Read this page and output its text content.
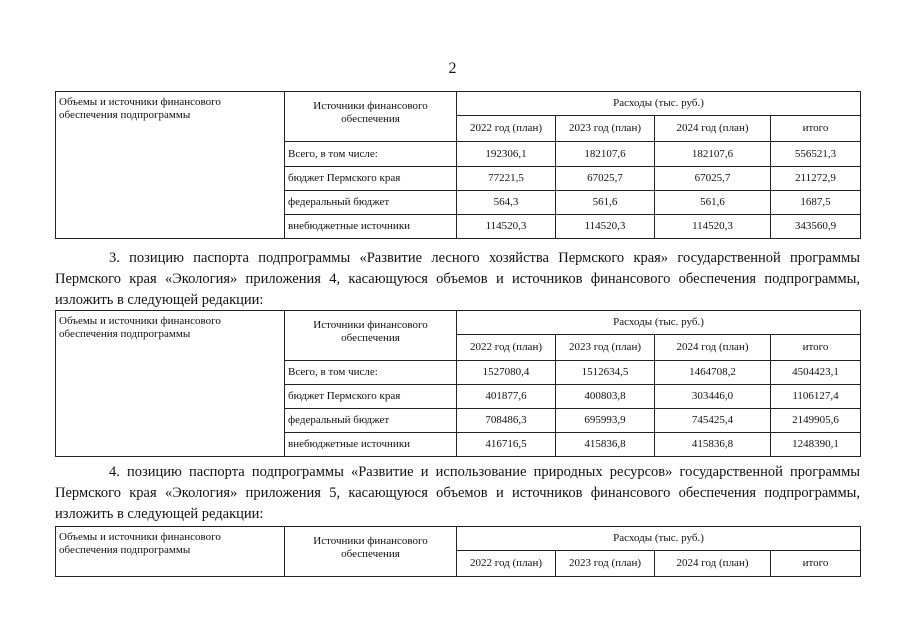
2
Объемы и источники финансового обеспечения подпрограммы	Источники финансового обеспечения	Расходы (тыс. руб.)			
		2022 год (план)	2023 год (план)	2024 год (план)	итого
	Всего, в том числе:	192306,1	182107,6	182107,6	556521,3
	бюджет Пермского края	77221,5	67025,7	67025,7	211272,9
	федеральный бюджет	564,3	561,6	561,6	1687,5
	внебюджетные источники	114520,3	114520,3	114520,3	343560,9
3. позицию паспорта подпрограммы «Развитие лесного хозяйства Пермского края» государственной программы Пермского края «Экология» приложения 4, касающуюся объемов и источников финансового обеспечения подпрограммы, изложить в следующей редакции:
Объемы и источники финансового обеспечения подпрограммы	Источники финансового обеспечения	Расходы (тыс. руб.)			
		2022 год (план)	2023 год (план)	2024 год (план)	итого
	Всего, в том числе:	1527080,4	1512634,5	1464708,2	4504423,1
	бюджет Пермского края	401877,6	400803,8	303446,0	1106127,4
	федеральный бюджет	708486,3	695993,9	745425,4	2149905,6
	внебюджетные источники	416716,5	415836,8	415836,8	1248390,1
4. позицию паспорта подпрограммы «Развитие и использование природных ресурсов» государственной программы Пермского края «Экология» приложения 5, касающуюся объемов и источников финансового обеспечения подпрограммы, изложить в следующей редакции:
Объемы и источники финансового обеспечения подпрограммы	Источники финансового обеспечения	Расходы (тыс. руб.)			
		2022 год (план)	2023 год (план)	2024 год (план)	итого
